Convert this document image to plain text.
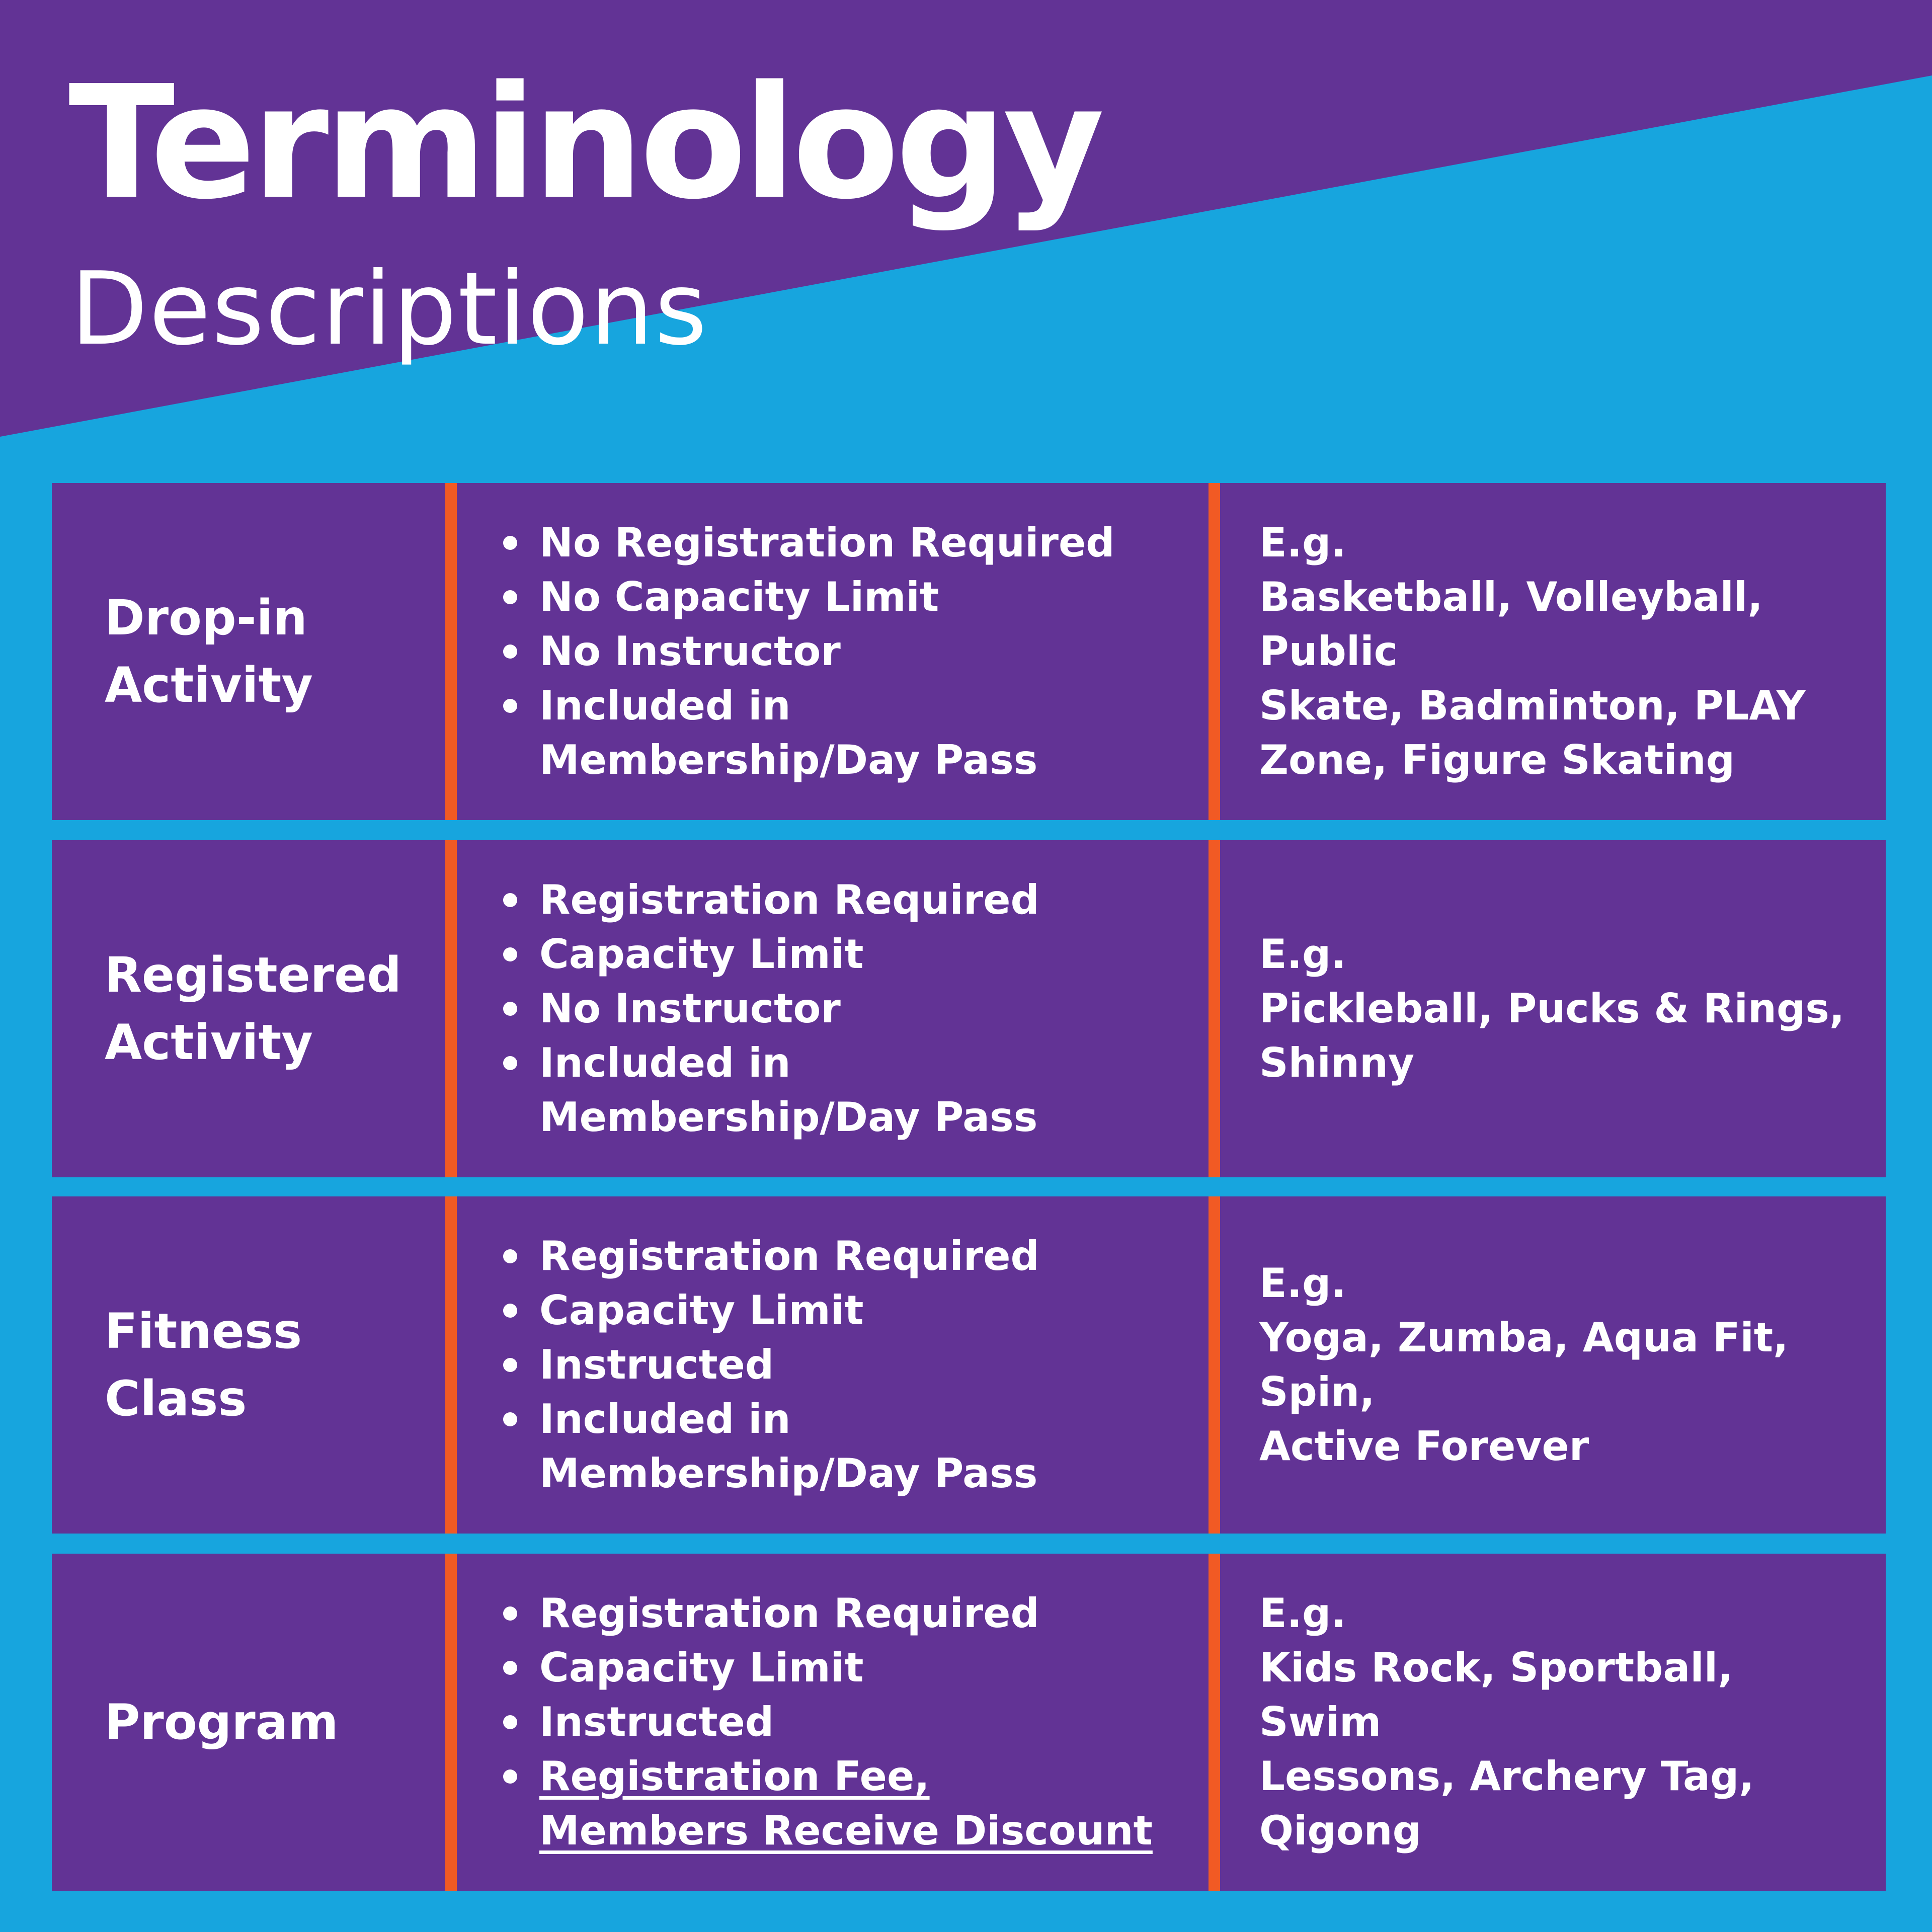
Terminology
Descriptions

Drop-in
Activity

No Registration Required
No Capacity Limit
No Instructor
Included in
Membership/Day Pass

E.g.

Basketball, Volleyball, Public
Skate, Badminton, PLAY
Zone, Figure Skating

Registered
Activity

Registration Required
Capacity Limit
No Instructor
Included in
Membership/Day Pass

E.g.

Pickleball, Pucks & Rings,
Shinny

Fitness
Class

Registration Required
Capacity Limit
Instructed
Included in
Membership/Day Pass

E.g.

Yoga, Zumba, Aqua Fit, Spin,
Active Forever

Program

Registration Required
Capacity Limit
Instructed
Registration Fee,
Members Receive Discount

E.g.

Kids Rock, Sportball, Swim
Lessons, Archery Tag,
Qigong
